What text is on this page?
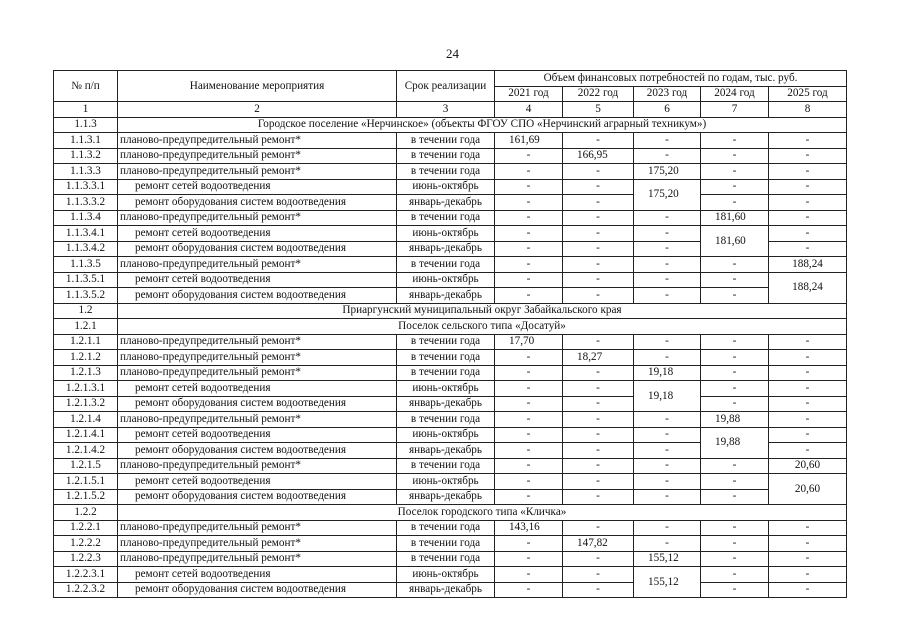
24
№ п/п	Наименование мероприятия	Срок реализации	Объем финансовых потребностей по годам, тыс. руб.				
			2021 год	2022 год	2023 год	2024 год	2025 год
1	2	3	4	5	6	7	8
1.1.3	Городское поселение «Нерчинское» (объекты ФГОУ СПО «Нерчинский аграрный техникум»)						
1.1.3.1	планово-предупредительный ремонт*	в течении года	161,69	-	-	-	-
1.1.3.2	планово-предупредительный ремонт*	в течении года	-	166,95	-	-	-
1.1.3.3	планово-предупредительный ремонт*	в течении года	-	-	175,20	-	-
1.1.3.3.1	ремонт сетей водоотведения	июнь-октябрь	-	-	175,20	-	-
1.1.3.3.2	ремонт оборудования систем водоотведения	январь-декабрь	-	-		-	-
1.1.3.4	планово-предупредительный ремонт*	в течении года	-	-	-	181,60	-
1.1.3.4.1	ремонт сетей водоотведения	июнь-октябрь	-	-	-	181,60	-
1.1.3.4.2	ремонт оборудования систем водоотведения	январь-декабрь	-	-	-		-
1.1.3.5	планово-предупредительный ремонт*	в течении года	-	-	-	-	188,24
1.1.3.5.1	ремонт сетей водоотведения	июнь-октябрь	-	-	-	-	188,24
1.1.3.5.2	ремонт оборудования систем водоотведения	январь-декабрь	-	-	-	-	
1.2	Приаргунский муниципальный округ Забайкальского края						
1.2.1	Поселок сельского типа «Досатуй»						
1.2.1.1	планово-предупредительный ремонт*	в течении года	17,70	-	-	-	-
1.2.1.2	планово-предупредительный ремонт*	в течении года	-	18,27	-	-	-
1.2.1.3	планово-предупредительный ремонт*	в течении года	-	-	19,18	-	-
1.2.1.3.1	ремонт сетей водоотведения	июнь-октябрь	-	-	19,18	-	-
1.2.1.3.2	ремонт оборудования систем водоотведения	январь-декабрь	-	-		-	-
1.2.1.4	планово-предупредительный ремонт*	в течении года	-	-	-	19,88	-
1.2.1.4.1	ремонт сетей водоотведения	июнь-октябрь	-	-	-	19,88	-
1.2.1.4.2	ремонт оборудования систем водоотведения	январь-декабрь	-	-	-		-
1.2.1.5	планово-предупредительный ремонт*	в течении года	-	-	-	-	20,60
1.2.1.5.1	ремонт сетей водоотведения	июнь-октябрь	-	-	-	-	20,60
1.2.1.5.2	ремонт оборудования систем водоотведения	январь-декабрь	-	-	-	-	
1.2.2	Поселок городского типа «Кличка»						
1.2.2.1	планово-предупредительный ремонт*	в течении года	143,16	-	-	-	-
1.2.2.2	планово-предупредительный ремонт*	в течении года	-	147,82	-	-	-
1.2.2.3	планово-предупредительный ремонт*	в течении года	-	-	155,12	-	-
1.2.2.3.1	ремонт сетей водоотведения	июнь-октябрь	-	-	155,12	-	-
1.2.2.3.2	ремонт оборудования систем водоотведения	январь-декабрь	-	-		-	-
